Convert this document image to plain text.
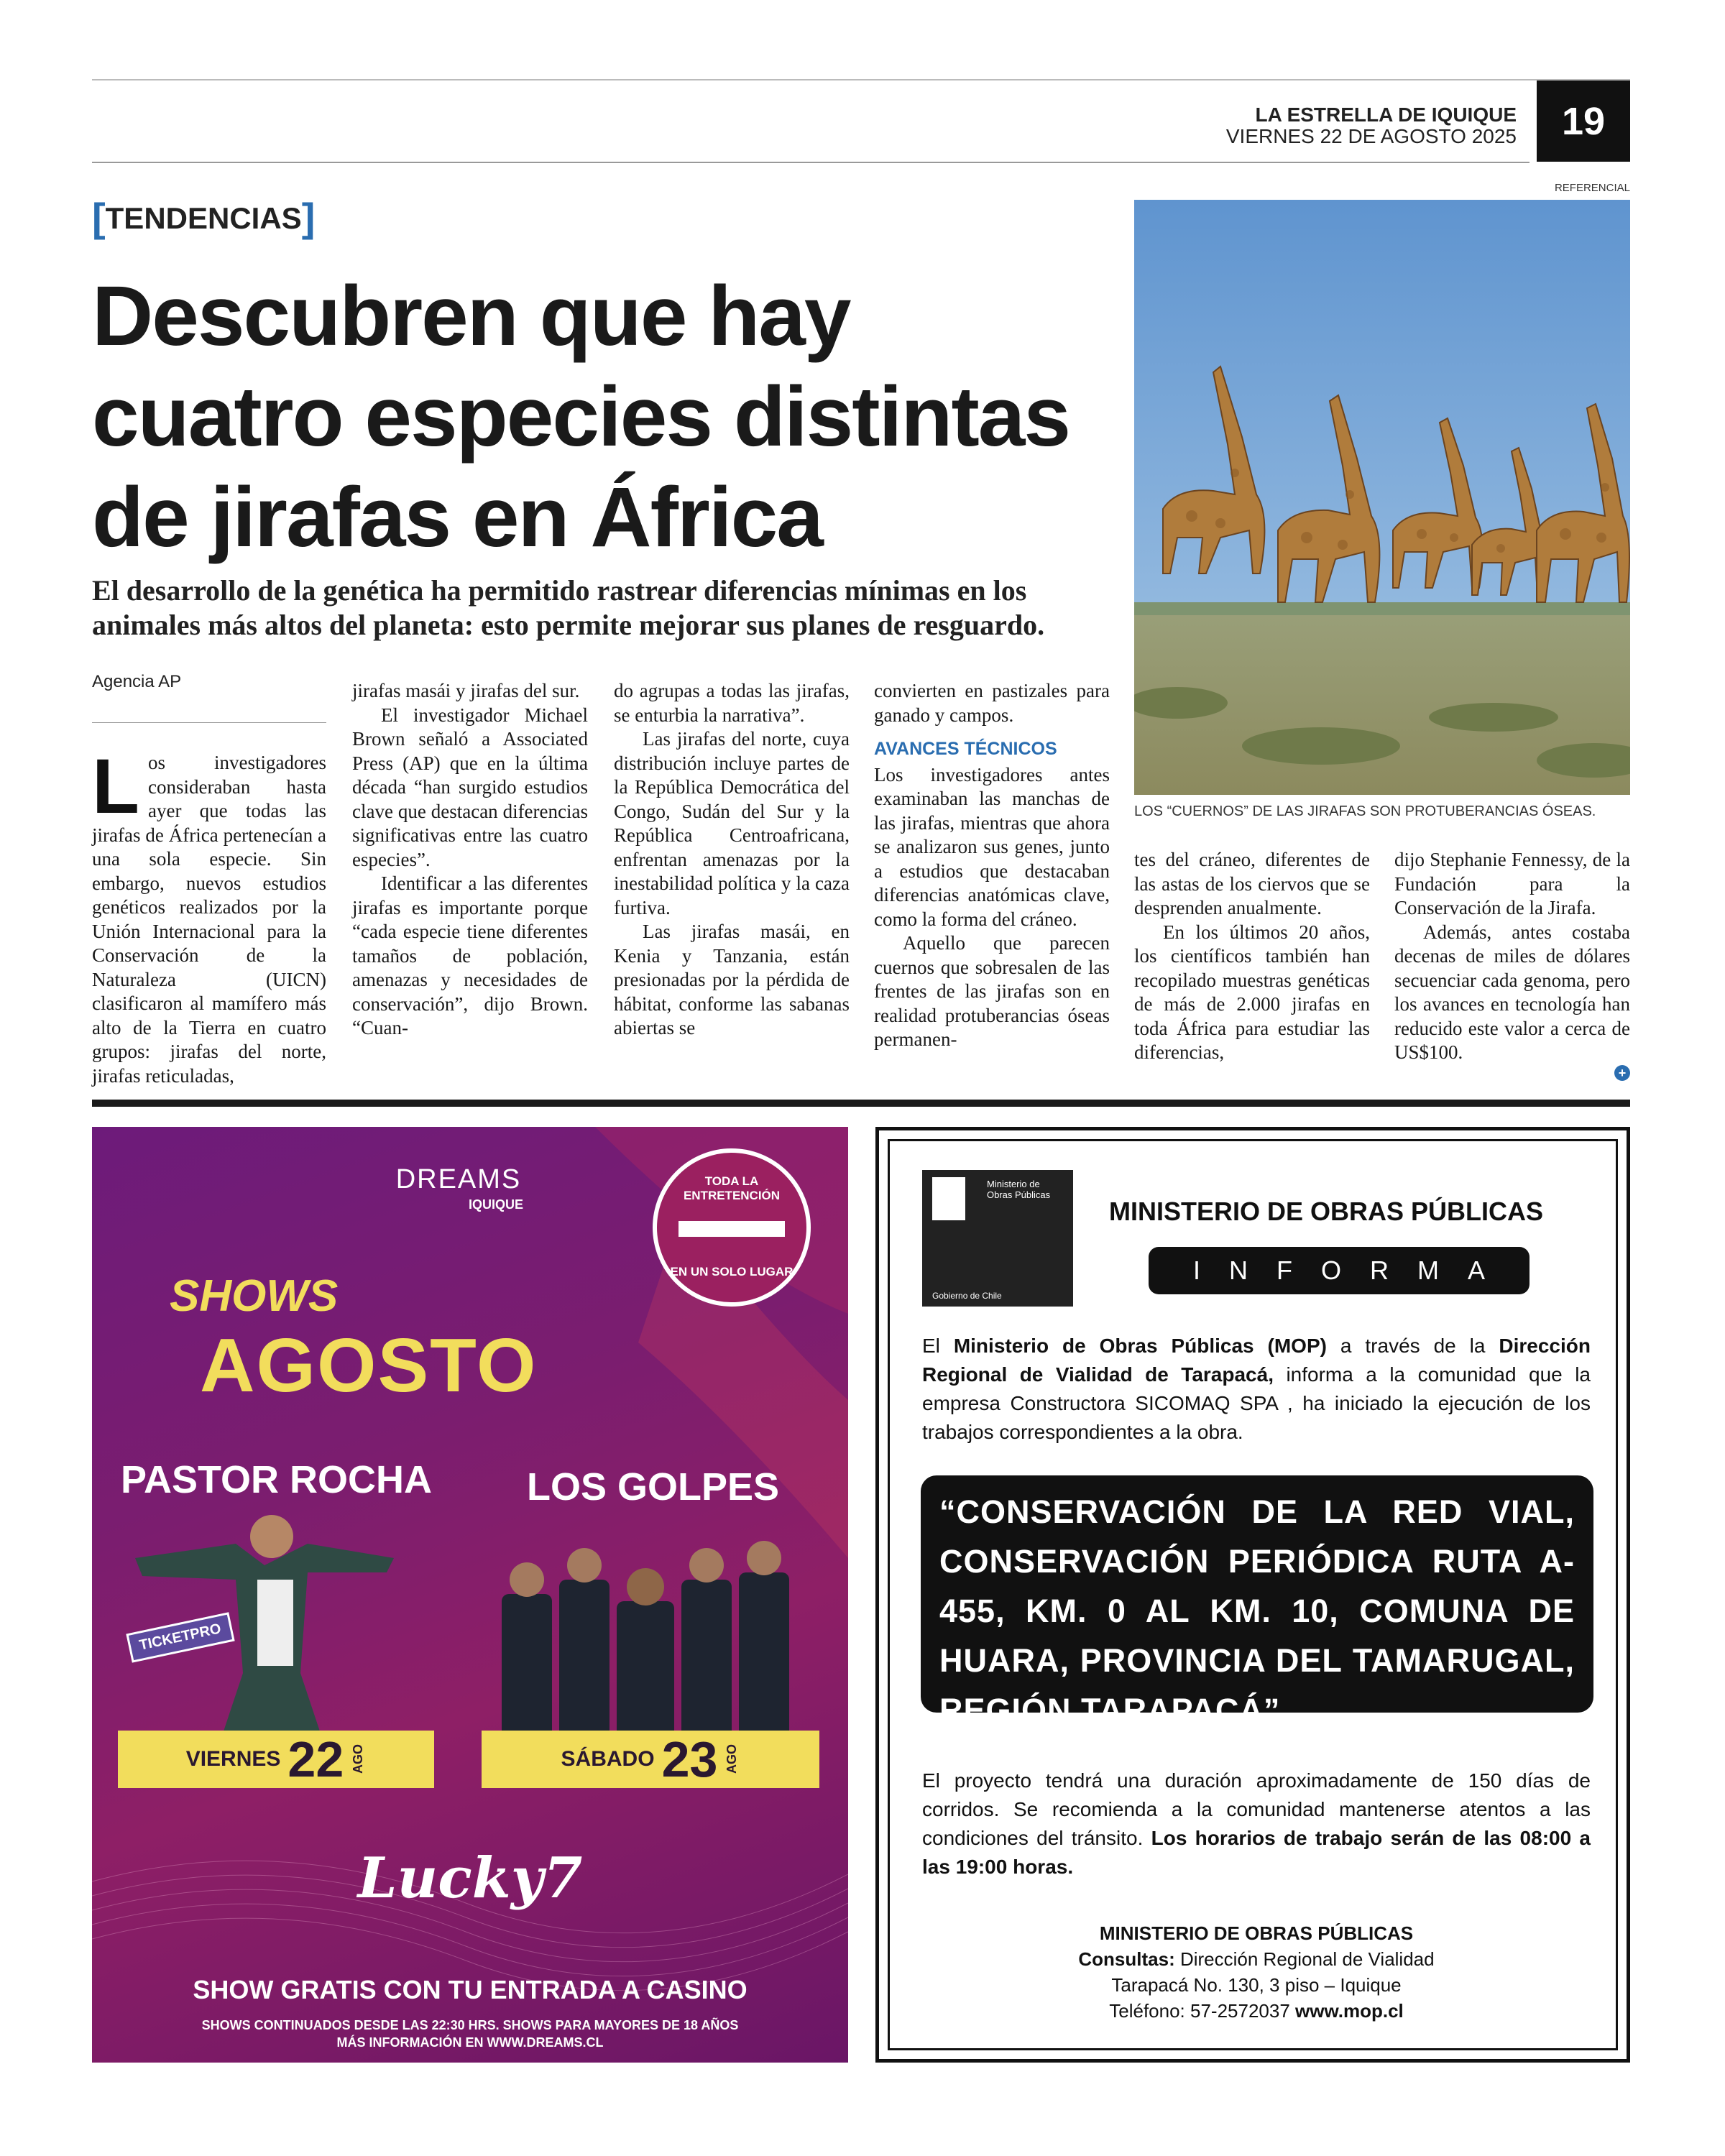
LA ESTRELLA DE IQUIQUE
VIERNES 22 DE AGOSTO 2025	19
[TENDENCIAS]
Descubren que hay
cuatro especies distintas
de jirafas en África
El desarrollo de la genética ha permitido rastrear diferencias mínimas en los
animales más altos del planeta: esto permite mejorar sus planes de resguardo.
Agencia AP

Los investigadores consideraban hasta ayer que todas las jirafas de África pertenecían a una sola especie. Sin embargo, nuevos estudios genéticos realizados por la Unión Internacional para la Conservación de la Naturaleza (UICN) clasificaron al mamífero más alto de la Tierra en cuatro grupos: jirafas del norte, jirafas reticuladas,

jirafas masái y jirafas del sur.

El investigador Michael Brown señaló a Associated Press (AP) que en la última década “han surgido estudios clave que destacan diferencias significativas entre las cuatro especies”.

Identificar a las diferentes jirafas es importante porque “cada especie tiene diferentes tamaños de población, amenazas y necesidades de conservación”, dijo Brown. “Cuan-

do agrupas a todas las jirafas, se enturbia la narrativa”.

Las jirafas del norte, cuya distribución incluye partes de la República Democrática del Congo, Sudán del Sur y la República Centroafricana, enfrentan amenazas por la inestabilidad política y la caza furtiva.

Las jirafas masái, en Kenia y Tanzania, están presionadas por la pérdida de hábitat, conforme las sabanas abiertas se

convierten en pastizales para ganado y campos.

AVANCES TÉCNICOS

Los investigadores antes examinaban las manchas de las jirafas, mientras que ahora se analizaron sus genes, junto a estudios que destacaban diferencias anatómicas clave, como la forma del cráneo.

Aquello que parecen cuernos que sobresalen de las frentes de las jirafas son en realidad protuberancias óseas permanen-

tes del cráneo, diferentes de las astas de los ciervos que se desprenden anualmente.

En los últimos 20 años, los científicos también han recopilado muestras genéticas de más de 2.000 jirafas en toda África para estudiar las diferencias,

dijo Stephanie Fennessy, de la Fundación para la Conservación de la Jirafa.

Además, antes costaba decenas de miles de dólares secuenciar cada genoma, pero los avances en tecnología han reducido este valor a cerca de US$100.

+
REFERENCIAL
LOS “CUERNOS” DE LAS JIRAFAS SON PROTUBERANCIAS ÓSEAS.
DREAMS
IQUIQUE
TODA LA ENTRETENCIÓN
EN UN SOLO LUGAR
SHOWS
AGOSTO
PASTOR ROCHA LOS GOLPES
TICKETPRO
VIERNES 22 AGO	SÁBADO 23 AGO
Lucky7
SHOW GRATIS CON TU ENTRADA A CASINO
SHOWS CONTINUADOS DESDE LAS 22:30 HRS. SHOWS PARA MAYORES DE 18 AÑOS
MÁS INFORMACIÓN EN WWW.DREAMS.CL
Ministerio de
Obras Públicas
Gobierno de Chile
MINISTERIO DE OBRAS PÚBLICAS
INFORMA
El Ministerio de Obras Públicas (MOP) a través de la Dirección Regional de Vialidad de Tarapacá, informa a la comunidad que la empresa Constructora SICOMAQ SPA , ha iniciado la ejecución de los trabajos correspondientes a la obra.
“CONSERVACIÓN DE LA RED VIAL, CONSERVACIÓN PERIÓDICA RUTA A-455, KM. 0 AL KM. 10, COMUNA DE HUARA, PROVINCIA DEL TAMARUGAL, REGIÓN TARAPACÁ”
El proyecto tendrá una duración aproximadamente de 150 días de corridos. Se recomienda a la comunidad mantenerse atentos a las condiciones del tránsito. Los horarios de trabajo serán de las 08:00 a las 19:00 horas.
MINISTERIO DE OBRAS PÚBLICAS
Consultas: Dirección Regional de Vialidad
Tarapacá No. 130, 3 piso – Iquique
Teléfono: 57-2572037 www.mop.cl
